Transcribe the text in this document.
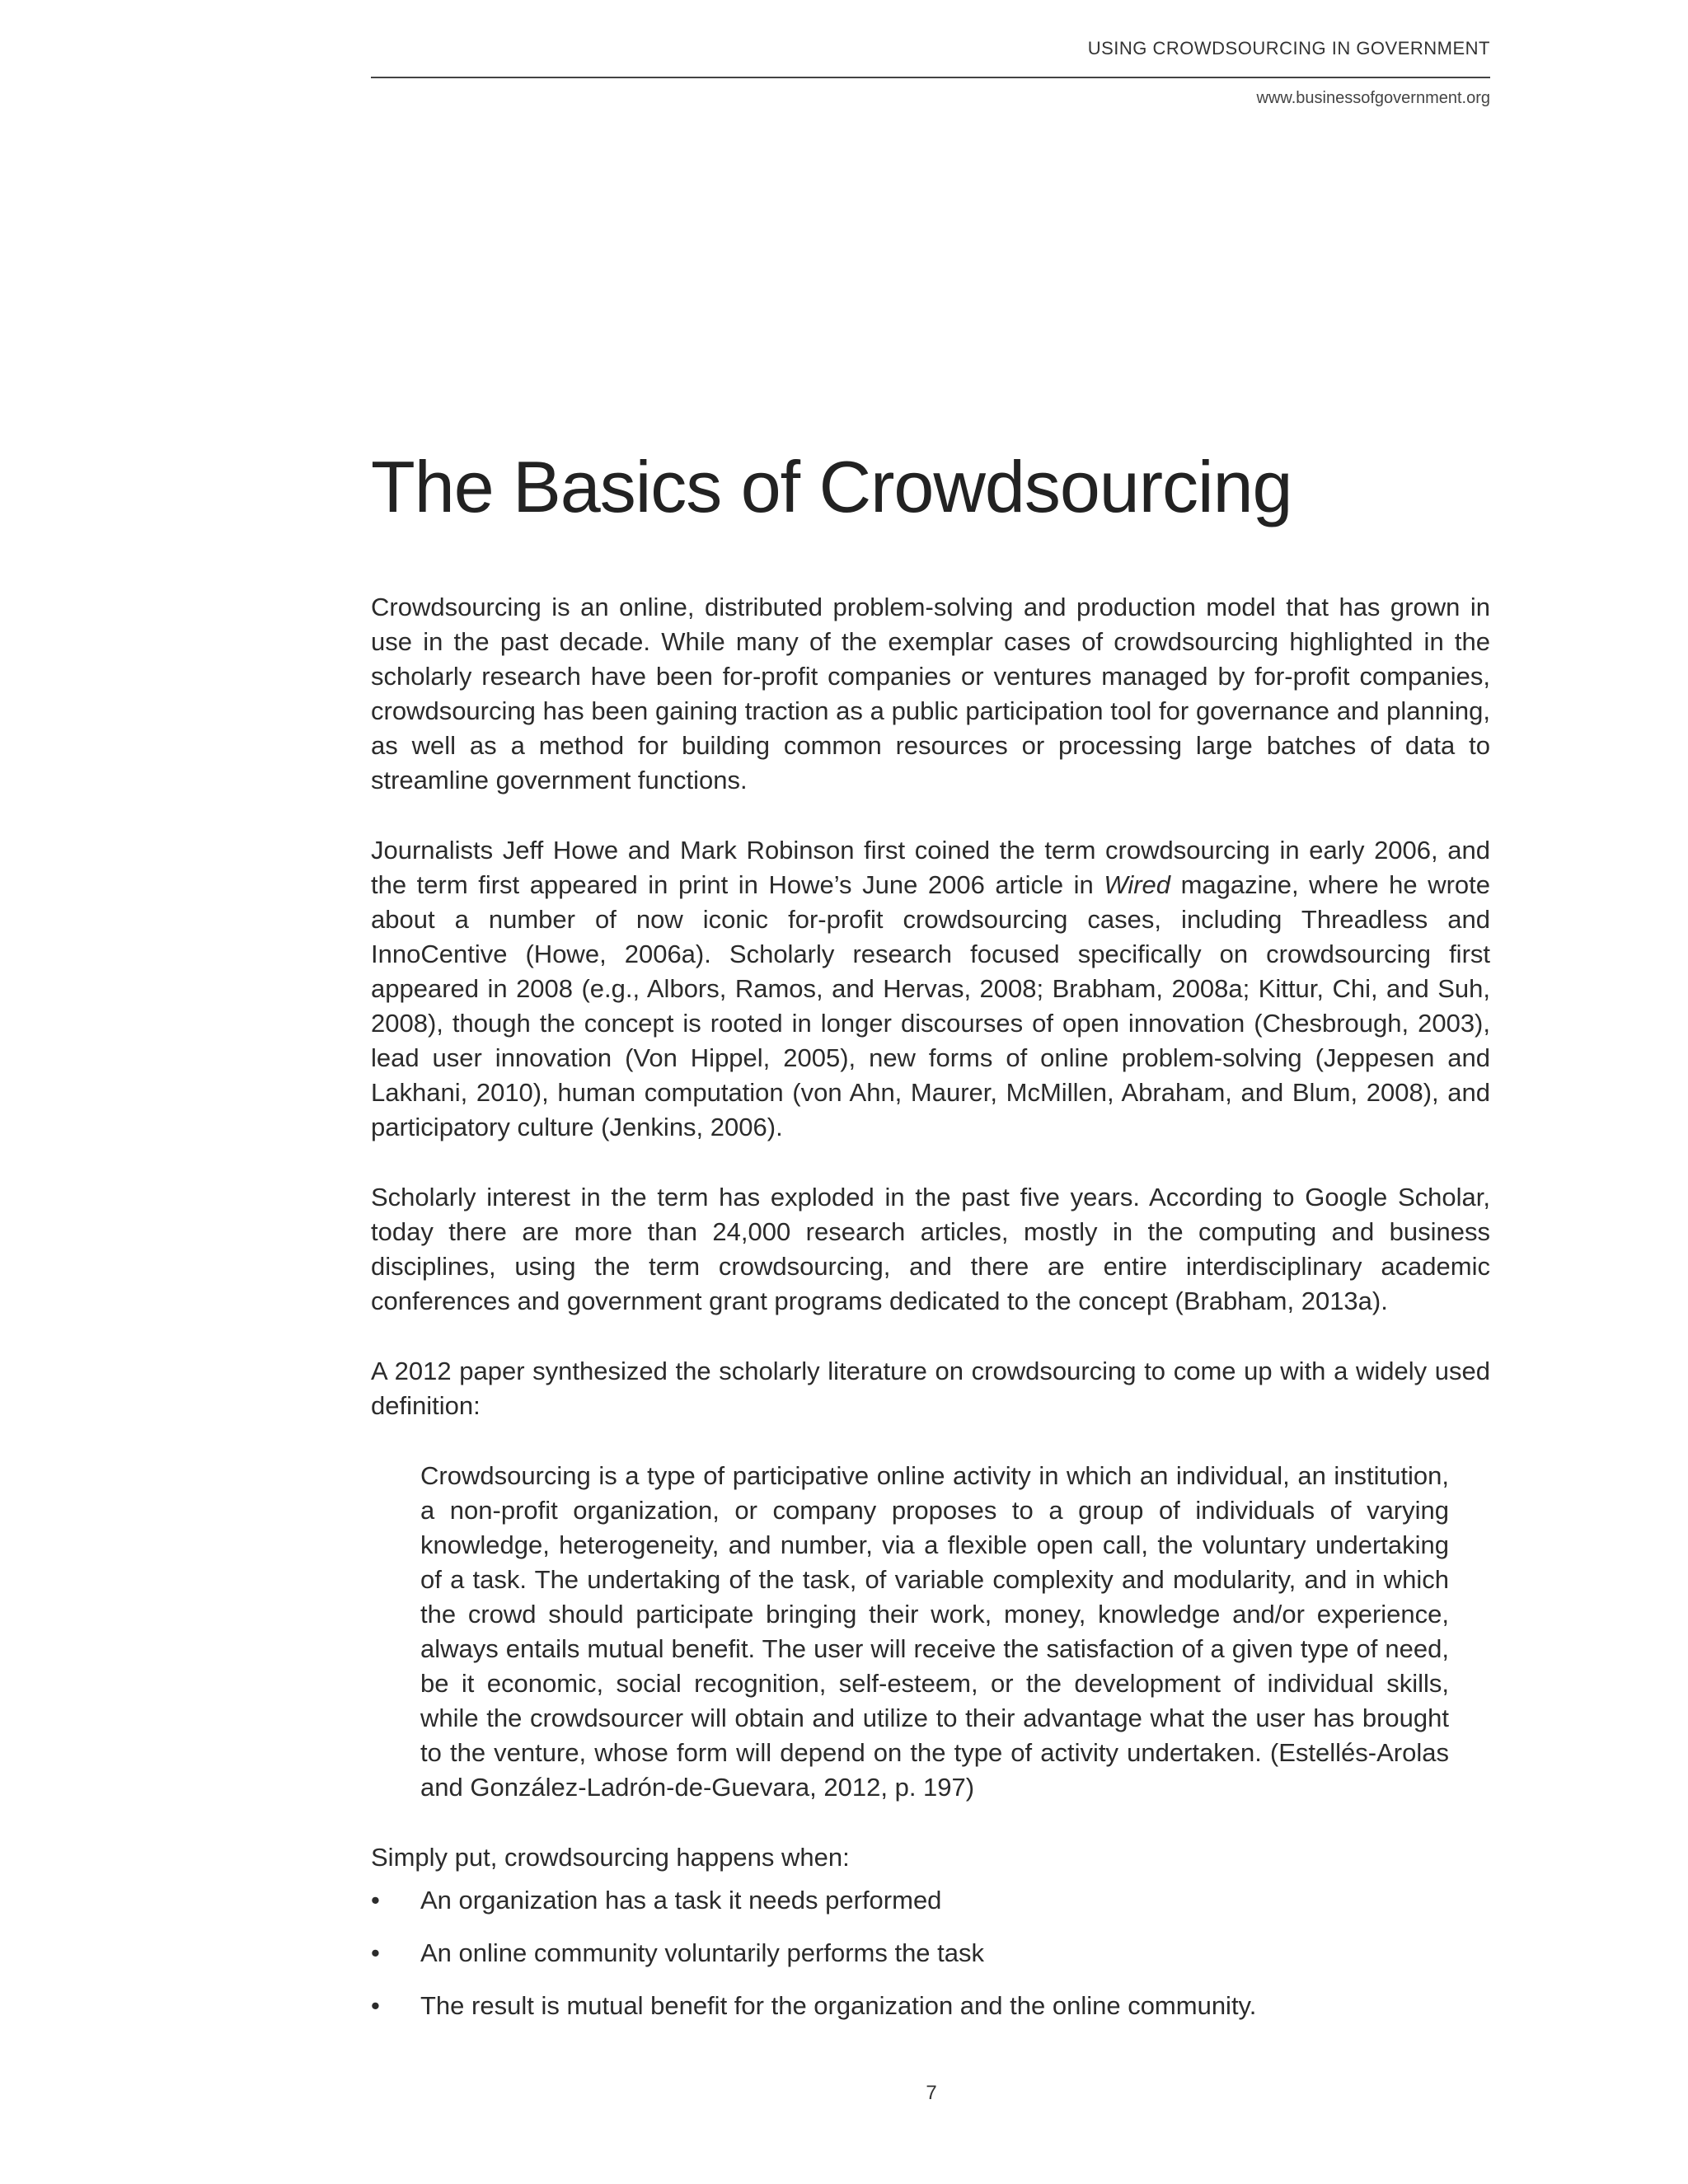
USING CROWDSOURCING IN GOVERNMENT
www.businessofgovernment.org
The Basics of Crowdsourcing

Crowdsourcing is an online, distributed problem-solving and production model that has grown in use in the past decade. While many of the exemplar cases of crowdsourcing highlighted in the scholarly research have been for-profit companies or ventures managed by for-profit companies, crowdsourcing has been gaining traction as a public participation tool for governance and planning, as well as a method for building common resources or processing large batches of data to streamline government functions.

Journalists Jeff Howe and Mark Robinson first coined the term crowdsourcing in early 2006, and the term first appeared in print in Howe’s June 2006 article in Wired magazine, where he wrote about a number of now iconic for-profit crowdsourcing cases, including Threadless and InnoCentive (Howe, 2006a). Scholarly research focused specifically on crowdsourcing first appeared in 2008 (e.g., Albors, Ramos, and Hervas, 2008; Brabham, 2008a; Kittur, Chi, and Suh, 2008), though the concept is rooted in longer discourses of open innovation (Chesbrough, 2003), lead user innovation (Von Hippel, 2005), new forms of online problem-solving (Jeppesen and Lakhani, 2010), human computation (von Ahn, Maurer, McMillen, Abraham, and Blum, 2008), and participatory culture (Jenkins, 2006).

Scholarly interest in the term has exploded in the past five years. According to Google Scholar, today there are more than 24,000 research articles, mostly in the computing and business disciplines, using the term crowdsourcing, and there are entire interdisciplinary academic conferences and government grant programs dedicated to the concept (Brabham, 2013a).

A 2012 paper synthesized the scholarly literature on crowdsourcing to come up with a widely used definition:

Crowdsourcing is a type of participative online activity in which an individual, an institution, a non-profit organization, or company proposes to a group of individuals of varying knowledge, heterogeneity, and number, via a flexible open call, the voluntary undertaking of a task. The undertaking of the task, of variable complexity and modularity, and in which the crowd should participate bringing their work, money, knowledge and/or experience, always entails mutual benefit. The user will receive the satisfaction of a given type of need, be it economic, social recognition, self-esteem, or the development of individual skills, while the crowdsourcer will obtain and utilize to their advantage what the user has brought to the venture, whose form will depend on the type of activity undertaken. (Estellés-Arolas and González-Ladrón-de-Guevara, 2012, p. 197)

Simply put, crowdsourcing happens when:

• An organization has a task it needs performed
• An online community voluntarily performs the task
• The result is mutual benefit for the organization and the online community.
7
